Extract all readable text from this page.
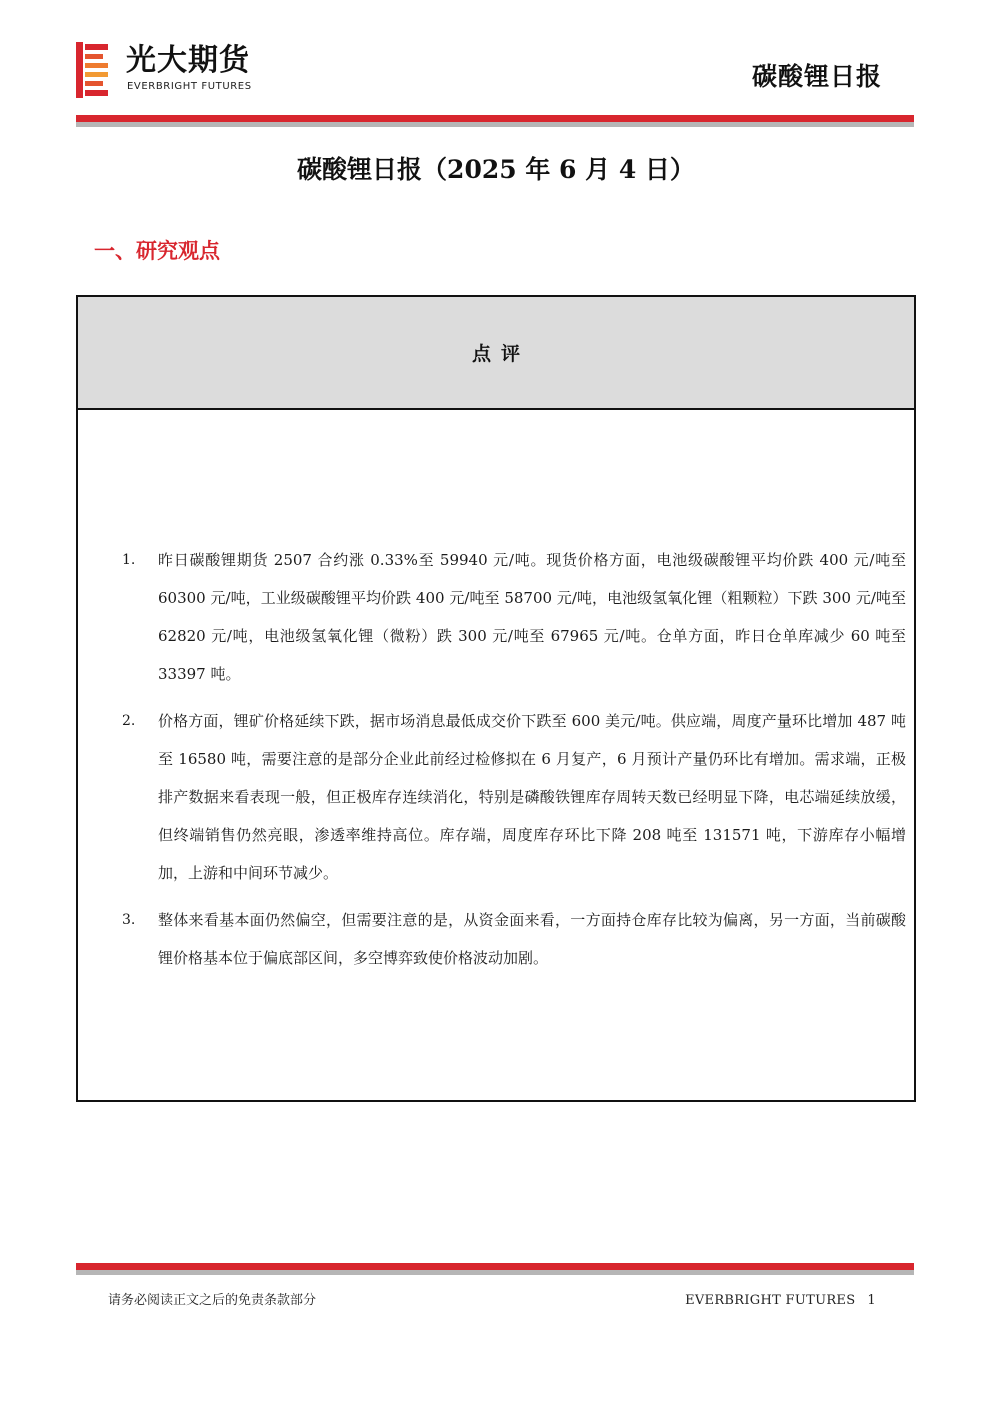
光大期货
EVERBRIGHT FUTURES	碳酸锂日报
碳酸锂日报（2025 年 6 月 4 日）
一、研究观点
点评
1. 昨日碳酸锂期货 2507 合约涨 0.33%至 59940 元/吨。现货价格方面，电池级碳酸锂平均价跌 400 元/吨至 60300 元/吨，工业级碳酸锂平均价跌 400 元/吨至 58700 元/吨，电池级氢氧化锂（粗颗粒）下跌 300 元/吨至 62820 元/吨，电池级氢氧化锂（微粉）跌 300 元/吨至 67965 元/吨。仓单方面，昨日仓单库减少 60 吨至 33397 吨。
2. 价格方面，锂矿价格延续下跌，据市场消息最低成交价下跌至 600 美元/吨。供应端，周度产量环比增加 487 吨至 16580 吨，需要注意的是部分企业此前经过检修拟在 6 月复产，6 月预计产量仍环比有增加。需求端，正极排产数据来看表现一般，但正极库存连续消化，特别是磷酸铁锂库存周转天数已经明显下降，电芯端延续放缓，但终端销售仍然亮眼，渗透率维持高位。库存端，周度库存环比下降 208 吨至 131571 吨，下游库存小幅增加，上游和中间环节减少。
3. 整体来看基本面仍然偏空，但需要注意的是，从资金面来看，一方面持仓库存比较为偏离，另一方面，当前碳酸锂价格基本位于偏底部区间，多空博弈致使价格波动加剧。
请务必阅读正文之后的免责条款部分	EVERBRIGHT FUTURES 1
